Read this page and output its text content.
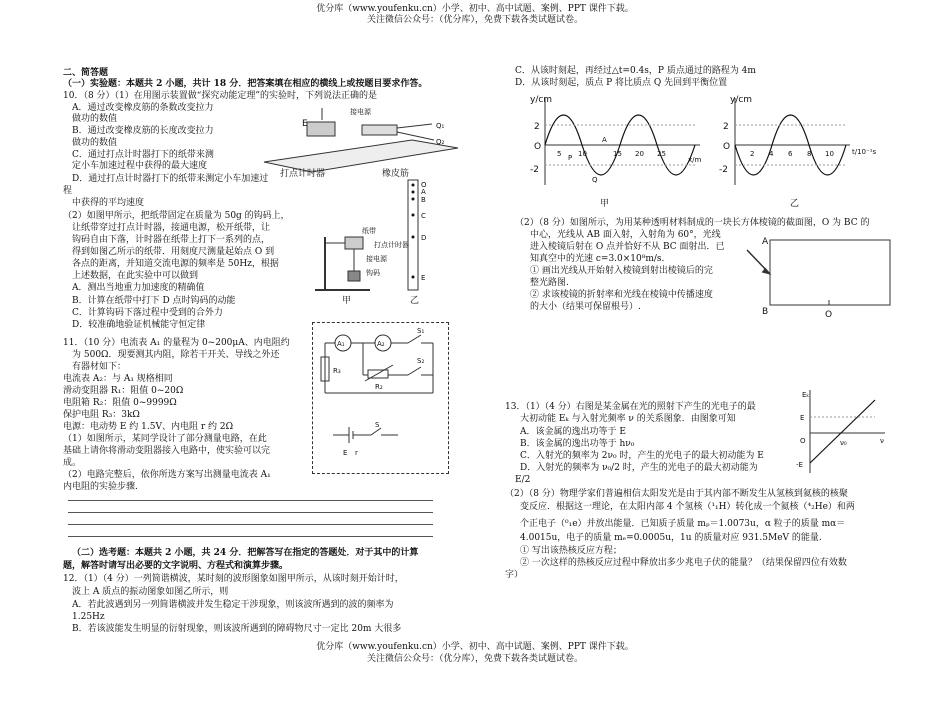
优分库（www.youfenku.cn）小学、初中、高中试题、案例、PPT 课件下载。
关注微信公众号：（优分库），免费下载各类试题试卷。
二、简答题
（一）实验题：本题共 2 小题，共计 18 分．把答案填在相应的横线上或按题目要求作答。
10．（8 分）（1）在用图示装置做“探究动能定理”的实验时，下列说法正确的是
A．通过改变橡皮筋的条数改变拉力
做功的数值
B．通过改变橡皮筋的长度改变拉力
做功的数值
C．通过打点计时器打下的纸带来测
定小车加速过程中获得的最大速度
D．通过打点计时器打下的纸带来测定小车加速过
程
中获得的平均速度
E
接电源
Q₁
Q₂
打点计时器	橡皮筋
（2）如图甲所示，把纸带固定在质量为 50g 的钩码上，
让纸带穿过打点计时器，接通电源，松开纸带，让
钩码自由下落，计时器在纸带上打下一系列的点，
得到如图乙所示的纸带．用刻度尺测量起始点 O 到
各点的距离，并知道交流电源的频率是 50Hz，根据
上述数据，在此实验中可以做到
A．测出当地重力加速度的精确值
B．计算在纸带中打下 D 点时钩码的动能
C．计算钩码下落过程中受到的合外力
D．较准确地验证机械能守恒定律
纸带
打点计时器
接电源
钩码
甲
O
A
B
C
D
E
乙
11．（10 分）电流表 A₁ 的量程为 0~200μA、内电阻约
为 500Ω．现要测其内阻，除若干开关、导线之外还
有器材如下：
电流表 A₂：与 A₁ 规格相同
滑动变阻器 R₁：阻值 0~20Ω
电阻箱 R₂：阻值 0~9999Ω
保护电阻 R₃：3kΩ
电源：电动势 E 约 1.5V、内电阻 r 约 2Ω
（1）如图所示，某同学设计了部分测量电路，在此
基础上请你将滑动变阻器接入电路中，使实验可以完
成。
（2）电路完整后，依你所选方案写出测量电流表 A₁
内电阻的实验步骤.
A₁	A₂
S₁
R₃
R₂
S₂
E r
S
（二）选考题：本题共 2 小题，共 24 分．把解答写在指定的答题处．对于其中的计算
题，解答时请写出必要的文字说明、方程式和演算步骤。
12．（1）（4 分）一列简谐横波，某时刻的波形图象如图甲所示，从该时刻开始计时，
波上 A 质点的振动图象如图乙所示，则
A．若此波遇到另一列简谐横波并发生稳定干涉现象，则该波所遇到的波的频率为
1.25Hz
B．若该波能发生明显的衍射现象，则该波所遇到的障碍物尺寸一定比 20m 大很多
C．从该时刻起，再经过△t=0.4s，P 质点通过的路程为 4m
D．从该时刻起，质点 P 将比质点 Q 先回到平衡位置
y/cm
x/m
2
O
-2
5 10	15 20 25
P
A
Q
甲
y/cm
t/10⁻¹s
2
O
-2
2 4 6 8 10
乙
（2）（8 分）如图所示，为用某种透明材料制成的一块长方体棱镜的截面图，O 为 BC 的
中心，光线从 AB 面入射，入射角为 60°，光线
进入棱镜后射在 O 点并恰好不从 BC 面射出．已
知真空中的光速 c=3.0×10⁸m/s.
① 画出光线从开始射入棱镜到射出棱镜后的完
整光路图.
② 求该棱镜的折射率和光线在棱镜中传播速度
的大小（结果可保留根号）.
A
B	O
13．（1）（4 分）右图是某金属在光的照射下产生的光电子的最
大初动能 Eₖ 与入射光频率 ν 的关系图象．由图象可知
A．该金属的逸出功等于 E
B．该金属的逸出功等于 hν₀
C．入射光的频率为 2ν₀ 时，产生的光电子的最大初动能为 E
D．入射光的频率为 ν₀/2 时，产生的光电子的最大初动能为
E/2
Eₖ
E
O	ν₀	ν
-E
（2）（8 分）物理学家们普遍相信太阳发光是由于其内部不断发生从氢核到氦核的核聚
变反应．根据这一理论，在太阳内部 4 个氢核（¹₁H）转化成一个氦核（⁴₂He）和两
个正电子（⁰₁e）并放出能量．已知质子质量 mₚ＝1.0073u，α 粒子的质量 mα＝
4.0015u，电子的质量 mₑ=0.0005u，1u 的质量对应 931.5MeV 的能量.
① 写出该热核反应方程；
② 一次这样的热核反应过程中释放出多少兆电子伏的能量？（结果保留四位有效数
字）
优分库（www.youfenku.cn）小学、初中、高中试题、案例、PPT 课件下载。
关注微信公众号：（优分库），免费下载各类试题试卷。
